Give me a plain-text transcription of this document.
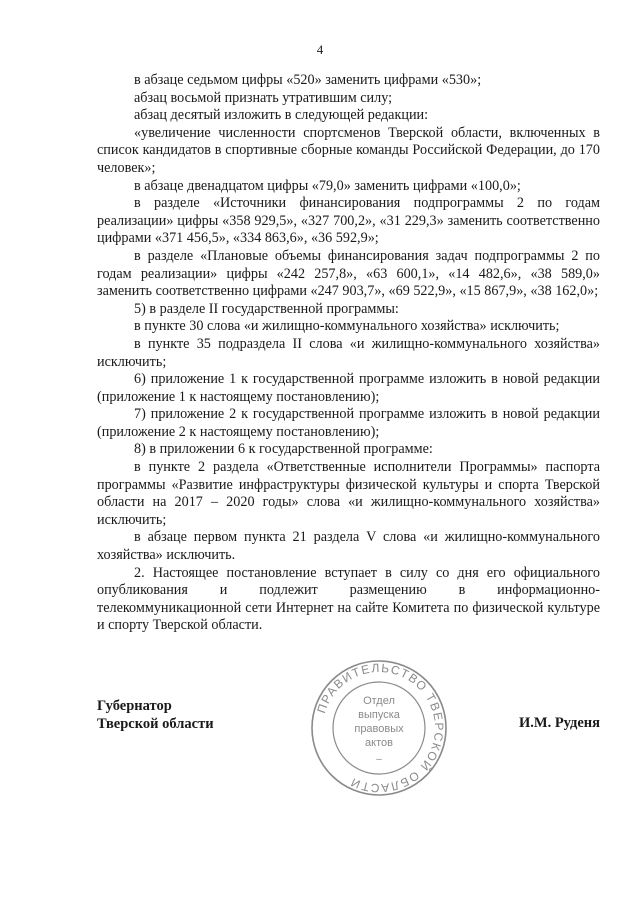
4

в абзаце седьмом цифры «520» заменить цифрами «530»;

абзац восьмой признать утратившим силу;

абзац десятый изложить в следующей редакции:

«увеличение численности спортсменов Тверской области, включенных в список кандидатов в спортивные сборные команды Российской Федерации, до 170 человек»;

в абзаце двенадцатом цифры «79,0» заменить цифрами «100,0»;

в разделе «Источники финансирования подпрограммы 2 по годам реализации» цифры «358 929,5», «327 700,2», «31 229,3» заменить соответственно цифрами «371 456,5», «334 863,6», «36 592,9»;

в разделе «Плановые объемы финансирования задач подпрограммы 2 по годам реализации» цифры «242 257,8», «63 600,1», «14 482,6», «38 589,0» заменить соответственно цифрами «247 903,7», «69 522,9», «15 867,9», «38 162,0»;

5) в разделе II государственной программы:

в пункте 30 слова «и жилищно-коммунального хозяйства» исключить;

в пункте 35 подраздела II слова «и жилищно-коммунального хозяйства» исключить;

6) приложение 1 к государственной программе изложить в новой редакции (приложение 1 к настоящему постановлению);

7) приложение 2 к государственной программе изложить в новой редакции (приложение 2 к настоящему постановлению);

8) в приложении 6 к государственной программе:

в пункте 2 раздела «Ответственные исполнители Программы» паспорта программы «Развитие инфраструктуры физической культуры и спорта Тверской области на 2017 – 2020 годы» слова «и жилищно-коммунального хозяйства» исключить;

в абзаце первом пункта 21 раздела V слова «и жилищно-коммунального хозяйства» исключить.

2. Настоящее постановление вступает в силу со дня его официального опубликования и подлежит размещению в информационно-телекоммуникационной сети Интернет на сайте Комитета по физической культуре и спорту Тверской области.

Губернатор
Тверской области
ПРАВИТЕЛЬСТВО ТВЕРСКОЙ ОБЛАСТИ
Отдел
выпуска
правовых
актов
–
И.М. Руденя
